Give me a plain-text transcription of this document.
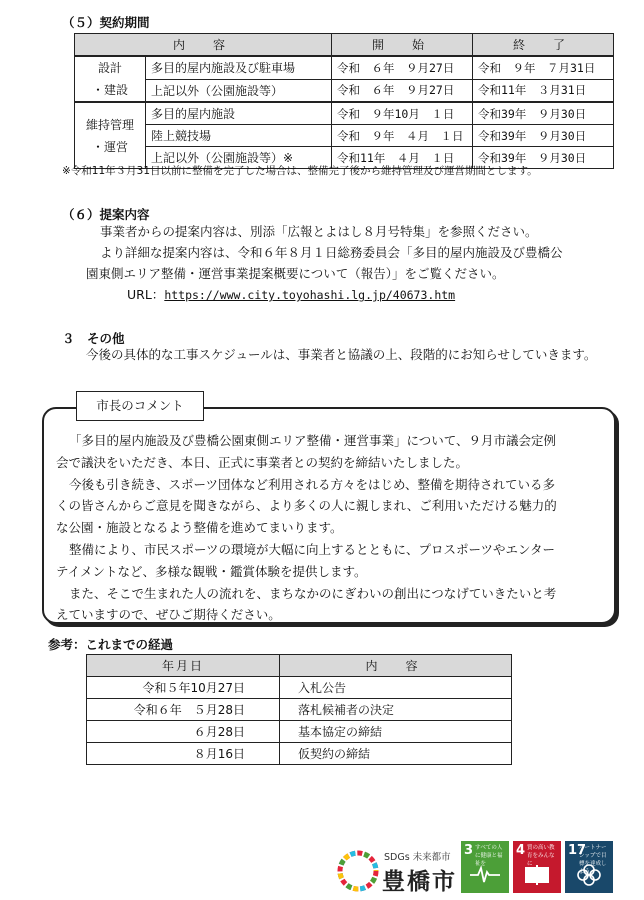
（５）契約期間
内　容		開　始	終　了

設計
・建設	多目的屋内施設及び駐車場	令和　６年　９月27日	令和　９年　７月31日
	上記以外（公園施設等）	令和　６年　９月27日	令和11年　３月31日

維持管理
・運営	多目的屋内施設	令和　９年10月　１日	令和39年　９月30日
	陸上競技場	令和　９年　４月　１日	令和39年　９月30日
	上記以外（公園施設等）※	令和11年　４月　１日	令和39年　９月30日
※令和11年３月31日以前に整備を完了した場合は、整備完了後から維持管理及び運営期間とします。
（６）提案内容
事業者からの提案内容は、別添「広報とよはし８月号特集」を参照ください。
より詳細な提案内容は、令和６年８月１日総務委員会「多目的屋内施設及び豊橋公
園東側エリア整備・運営事業提案概要について（報告）」をご覧ください。
URL：https://www.city.toyohashi.lg.jp/40673.htm
３　その他
今後の具体的な工事スケジュールは、事業者と協議の上、段階的にお知らせしていきます。
市長のコメント
「多目的屋内施設及び豊橋公園東側エリア整備・運営事業」について、９月市議会定例
会で議決をいただき、本日、正式に事業者との契約を締結いたしました。
今後も引き続き、スポーツ団体など利用される方々をはじめ、整備を期待されている多
くの皆さんからご意見を聞きながら、より多くの人に親しまれ、ご利用いただける魅力的
な公園・施設となるよう整備を進めてまいります。
整備により、市民スポーツの環境が大幅に向上するとともに、プロスポーツやエンター
テイメントなど、多様な観戦・鑑賞体験を提供します。
また、そこで生まれた人の流れを、まちなかのにぎわいの創出につなげていきたいと考
えていますので、ぜひご期待ください。
参考：これまでの経過
年月日	内　容
令和５年10月27日	入札公告
令和６年　５月28日	落札候補者の決定
６月28日	基本協定の締結
８月16日	仮契約の締結
SDGs 未来都市
豊橋市
3 すべての人に健康と福祉を
4 質の高い教育をみんなに
17
パートナーシップで目標を達成しよう
